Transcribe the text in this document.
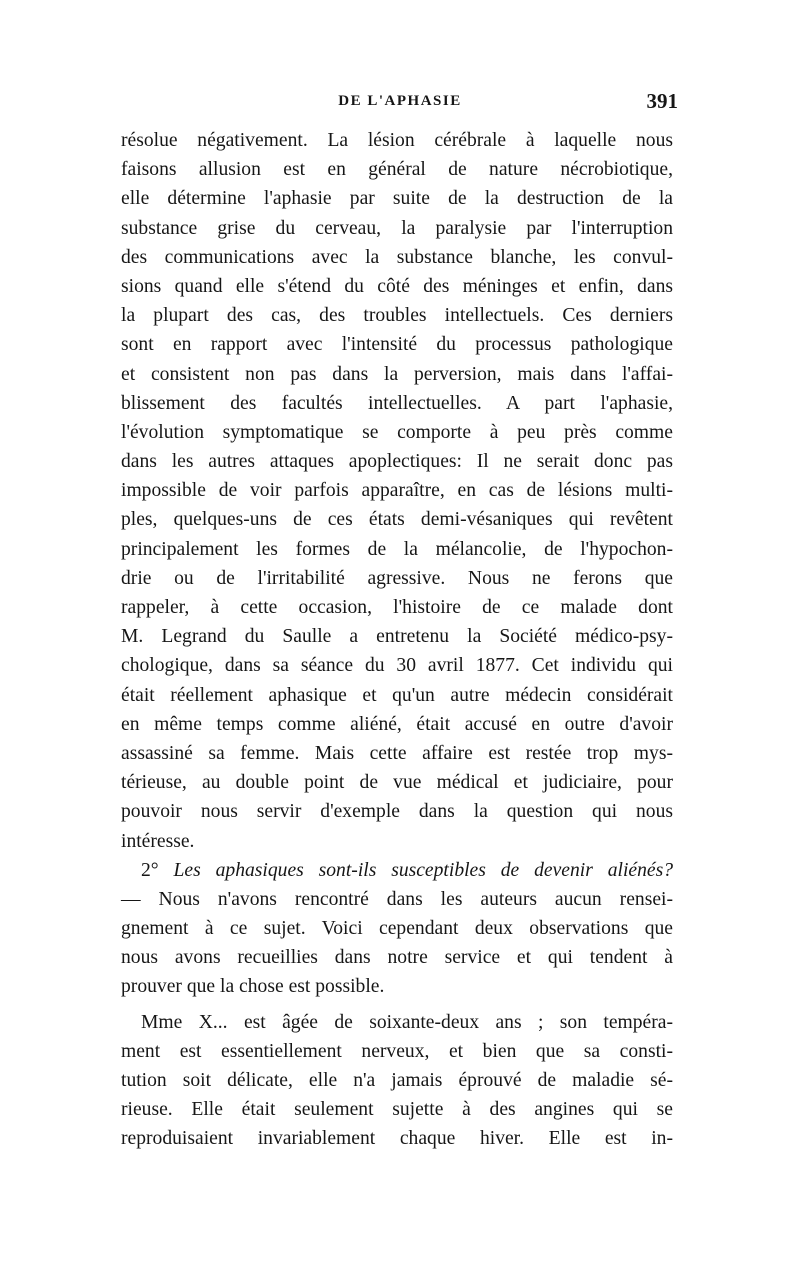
DE L'APHASIE	391
résolue négativement. La lésion cérébrale à laquelle nous
faisons allusion est en général de nature nécrobiotique,
elle détermine l'aphasie par suite de la destruction de la
substance grise du cerveau, la paralysie par l'interruption
des communications avec la substance blanche, les convul-
sions quand elle s'étend du côté des méninges et enfin, dans
la plupart des cas, des troubles intellectuels. Ces derniers
sont en rapport avec l'intensité du processus pathologique
et consistent non pas dans la perversion, mais dans l'affai-
blissement des facultés intellectuelles. A part l'aphasie,
l'évolution symptomatique se comporte à peu près comme
dans les autres attaques apoplectiques: Il ne serait donc pas
impossible de voir parfois apparaître, en cas de lésions multi-
ples, quelques-uns de ces états demi-vésaniques qui revêtent
principalement les formes de la mélancolie, de l'hypochon-
drie ou de l'irritabilité agressive. Nous ne ferons que
rappeler, à cette occasion, l'histoire de ce malade dont
M. Legrand du Saulle a entretenu la Société médico-psy-
chologique, dans sa séance du 30 avril 1877. Cet individu qui
était réellement aphasique et qu'un autre médecin considérait
en même temps comme aliéné, était accusé en outre d'avoir
assassiné sa femme. Mais cette affaire est restée trop mys-
térieuse, au double point de vue médical et judiciaire, pour
pouvoir nous servir d'exemple dans la question qui nous
intéresse.
2° Les aphasiques sont-ils susceptibles de devenir aliénés?
— Nous n'avons rencontré dans les auteurs aucun rensei-
gnement à ce sujet. Voici cependant deux observations que
nous avons recueillies dans notre service et qui tendent à
prouver que la chose est possible.
Mme X... est âgée de soixante-deux ans ; son tempéra-
ment est essentiellement nerveux, et bien que sa consti-
tution soit délicate, elle n'a jamais éprouvé de maladie sé-
rieuse. Elle était seulement sujette à des angines qui se
reproduisaient invariablement chaque hiver. Elle est in-
